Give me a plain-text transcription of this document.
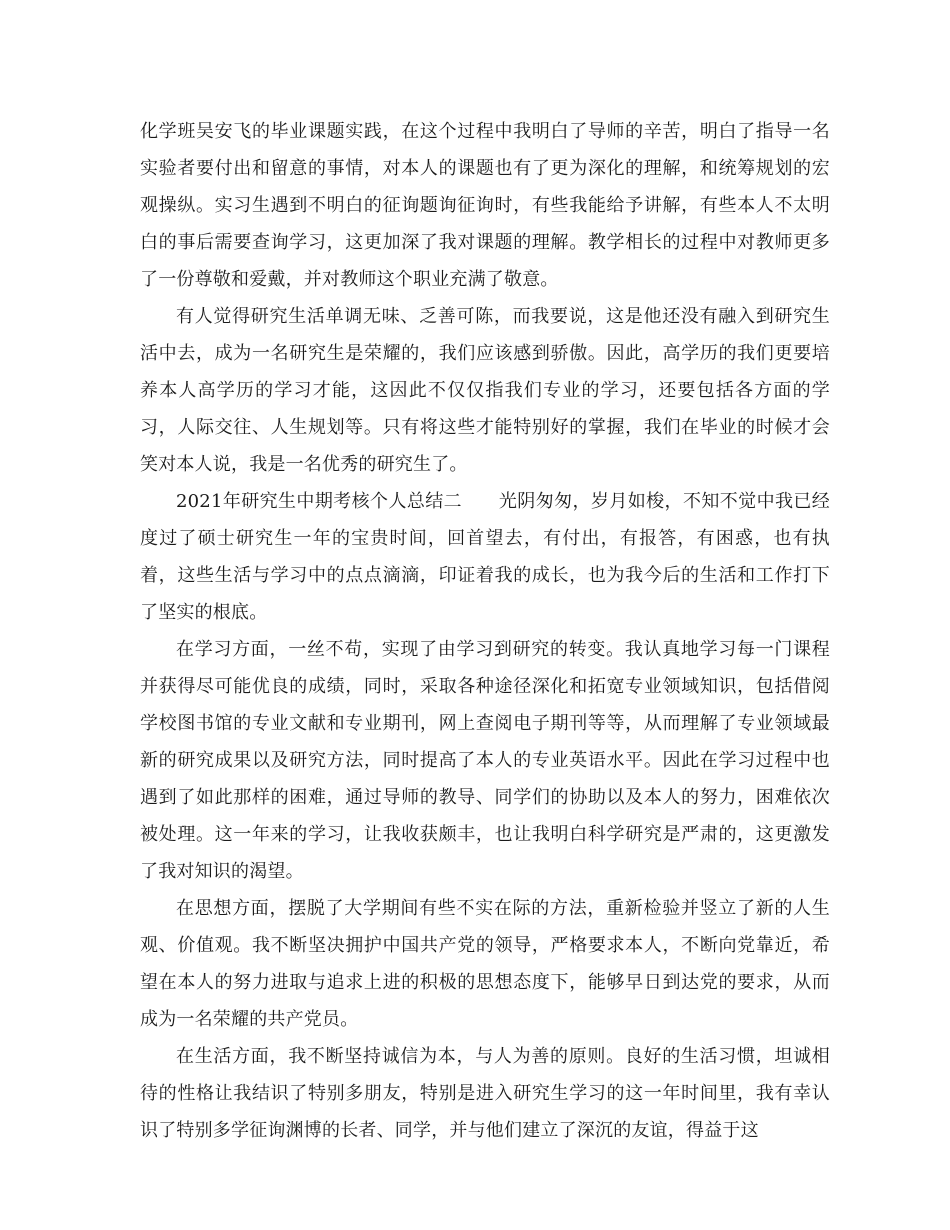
化学班吴安飞的毕业课题实践，在这个过程中我明白了导师的辛苦，明白了指导一名实验者要付出和留意的事情，对本人的课题也有了更为深化的理解，和统筹规划的宏观操纵。实习生遇到不明白的征询题询征询时，有些我能给予讲解，有些本人不太明白的事后需要查询学习，这更加深了我对课题的理解。教学相长的过程中对教师更多了一份尊敬和爱戴，并对教师这个职业充满了敬意。

有人觉得研究生活单调无味、乏善可陈，而我要说，这是他还没有融入到研究生活中去，成为一名研究生是荣耀的，我们应该感到骄傲。因此，高学历的我们更要培养本人高学历的学习才能，这因此不仅仅指我们专业的学习，还要包括各方面的学习，人际交往、人生规划等。只有将这些才能特别好的掌握，我们在毕业的时候才会笑对本人说，我是一名优秀的研究生了。

2021年研究生中期考核个人总结二　　光阴匆匆，岁月如梭，不知不觉中我已经度过了硕士研究生一年的宝贵时间，回首望去，有付出，有报答，有困惑，也有执着，这些生活与学习中的点点滴滴，印证着我的成长，也为我今后的生活和工作打下了坚实的根底。

在学习方面，一丝不苟，实现了由学习到研究的转变。我认真地学习每一门课程并获得尽可能优良的成绩，同时，采取各种途径深化和拓宽专业领域知识，包括借阅学校图书馆的专业文献和专业期刊，网上查阅电子期刊等等，从而理解了专业领域最新的研究成果以及研究方法，同时提高了本人的专业英语水平。因此在学习过程中也遇到了如此那样的困难，通过导师的教导、同学们的协助以及本人的努力，困难依次被处理。这一年来的学习，让我收获颇丰，也让我明白科学研究是严肃的，这更激发了我对知识的渴望。

在思想方面，摆脱了大学期间有些不实在际的方法，重新检验并竖立了新的人生观、价值观。我不断坚决拥护中国共产党的领导，严格要求本人，不断向党靠近，希望在本人的努力进取与追求上进的积极的思想态度下，能够早日到达党的要求，从而成为一名荣耀的共产党员。

在生活方面，我不断坚持诚信为本，与人为善的原则。良好的生活习惯，坦诚相待的性格让我结识了特别多朋友，特别是进入研究生学习的这一年时间里，我有幸认识了特别多学征询渊博的长者、同学，并与他们建立了深沉的友谊，得益于这
